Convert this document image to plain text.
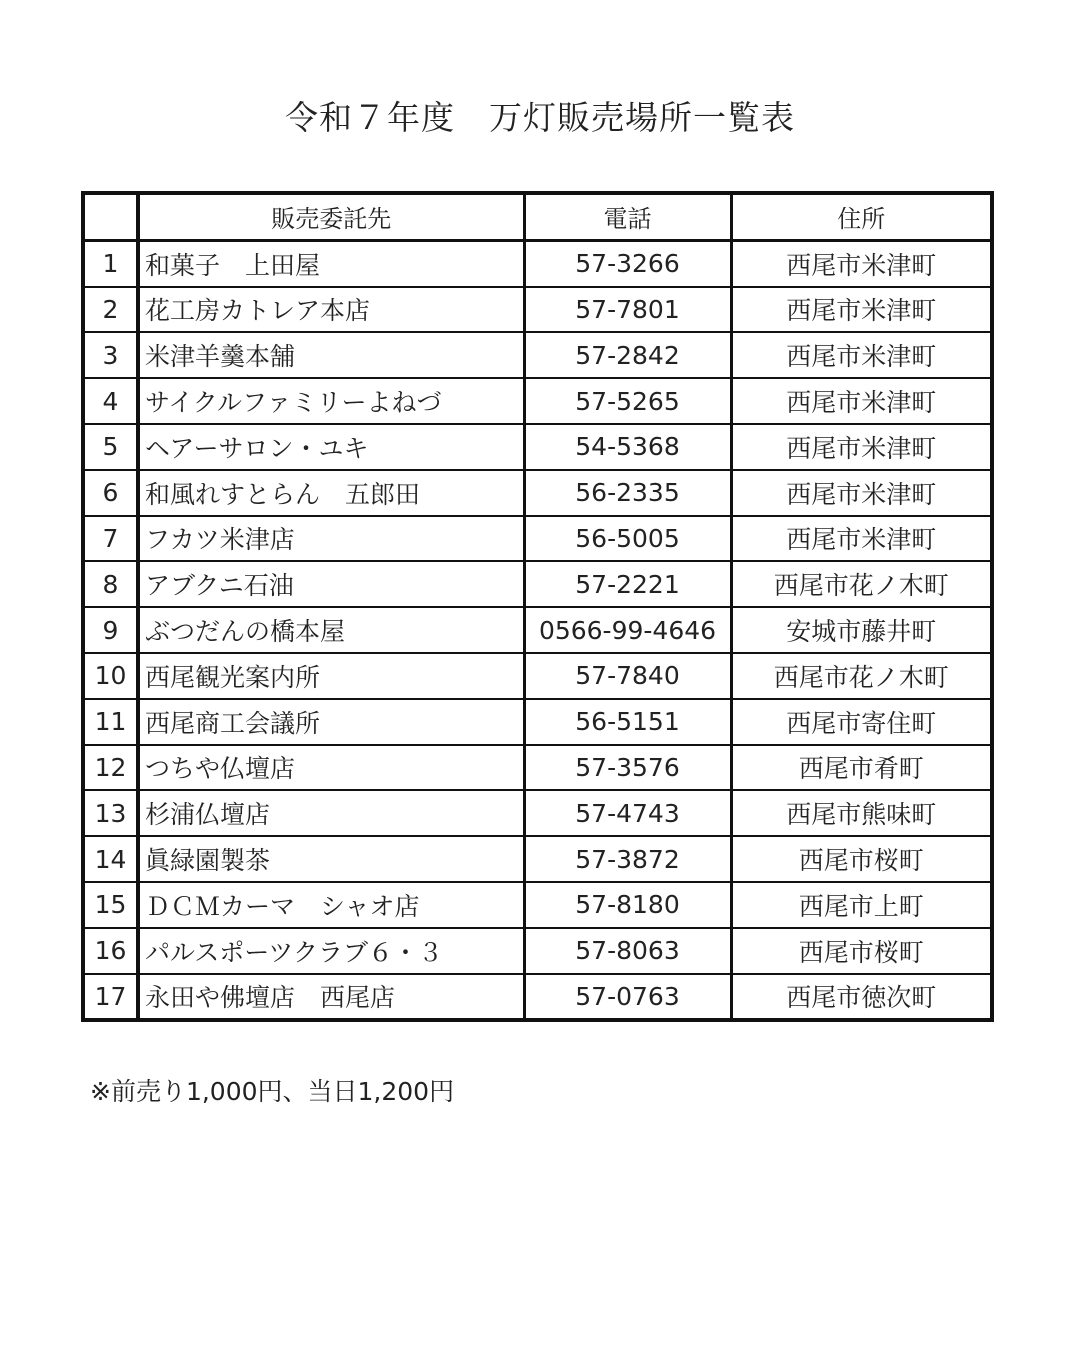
令和７年度　万灯販売場所一覧表
	販売委託先	電話	住所
1	和菓子　上田屋	57-3266	西尾市米津町
2	花工房カトレア本店	57-7801	西尾市米津町
3	米津羊羹本舗	57-2842	西尾市米津町
4	サイクルファミリーよねづ	57-5265	西尾市米津町
5	ヘアーサロン・ユキ	54-5368	西尾市米津町
6	和風れすとらん　五郎田	56-2335	西尾市米津町
7	フカツ米津店	56-5005	西尾市米津町
8	アブクニ石油	57-2221	西尾市花ノ木町
9	ぶつだんの橋本屋	0566-99-4646	安城市藤井町
10	西尾観光案内所	57-7840	西尾市花ノ木町
11	西尾商工会議所	56-5151	西尾市寄住町
12	つちや仏壇店	57-3576	西尾市肴町
13	杉浦仏壇店	57-4743	西尾市熊味町
14	眞緑園製茶	57-3872	西尾市桜町
15	ＤＣＭカーマ　シャオ店	57-8180	西尾市上町
16	パルスポーツクラブ６・３	57-8063	西尾市桜町
17	永田や佛壇店　西尾店	57-0763	西尾市徳次町
※前売り1,000円、当日1,200円
